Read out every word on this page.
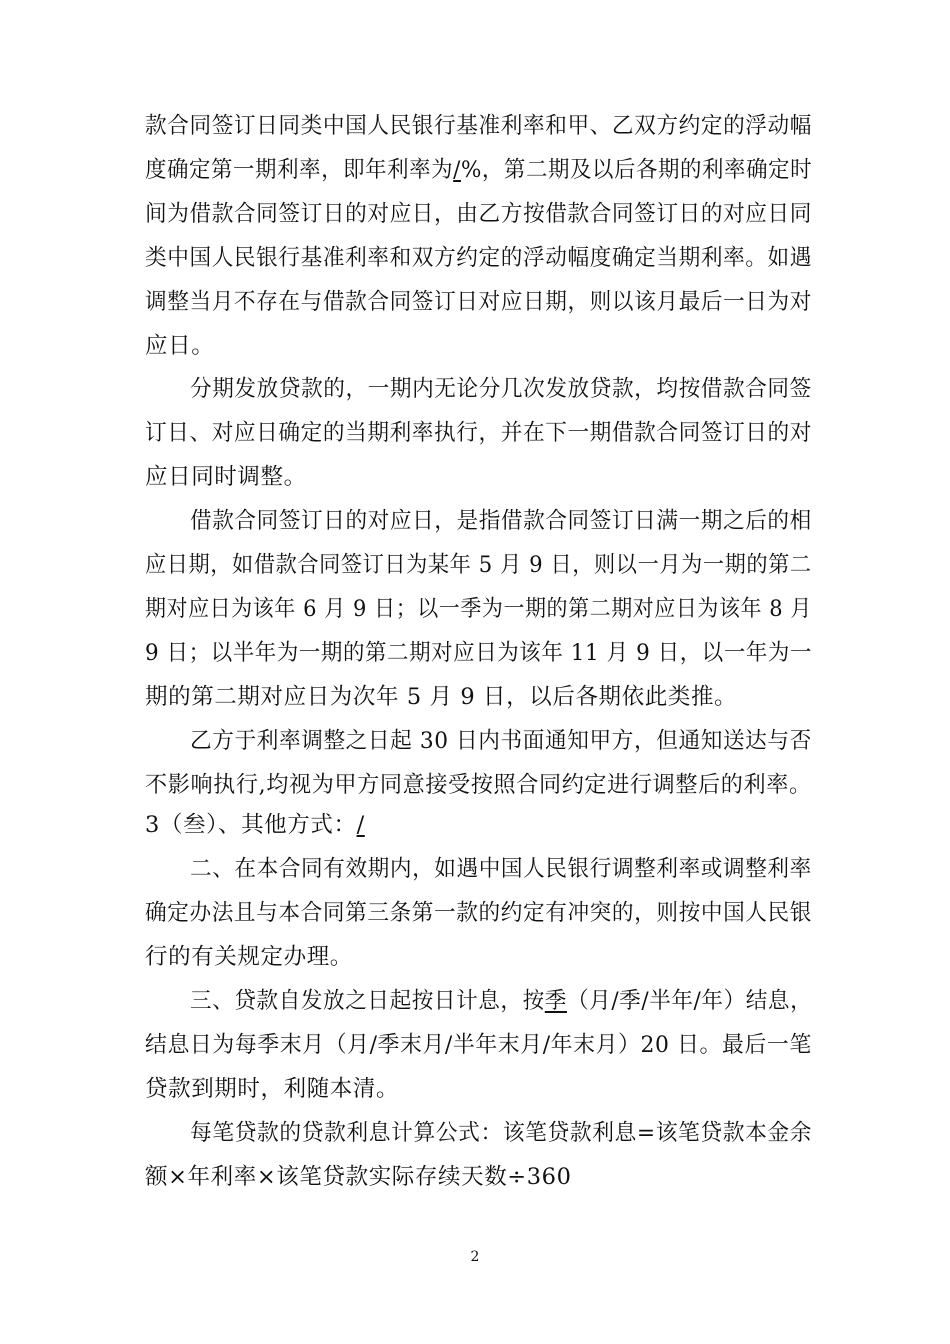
款合同签订日同类中国人民银行基准利率和甲、乙双方约定的浮动幅
度确定第一期利率，即年利率为/%，第二期及以后各期的利率确定时
间为借款合同签订日的对应日，由乙方按借款合同签订日的对应日同
类中国人民银行基准利率和双方约定的浮动幅度确定当期利率。如遇
调整当月不存在与借款合同签订日对应日期，则以该月最后一日为对
应日。
分期发放贷款的，一期内无论分几次发放贷款，均按借款合同签
订日、对应日确定的当期利率执行，并在下一期借款合同签订日的对
应日同时调整。
借款合同签订日的对应日，是指借款合同签订日满一期之后的相
应日期，如借款合同签订日为某年 5 月 9 日，则以一月为一期的第二
期对应日为该年 6 月 9 日；以一季为一期的第二期对应日为该年 8 月
9 日；以半年为一期的第二期对应日为该年 11 月 9 日，以一年为一
期的第二期对应日为次年 5 月 9 日，以后各期依此类推。
乙方于利率调整之日起 30 日内书面通知甲方，但通知送达与否
不影响执行,均视为甲方同意接受按照合同约定进行调整后的利率。
3（叁）、其他方式：/
二、在本合同有效期内，如遇中国人民银行调整利率或调整利率
确定办法且与本合同第三条第一款的约定有冲突的，则按中国人民银
行的有关规定办理。
三、贷款自发放之日起按日计息，按季（月/季/半年/年）结息，
结息日为每季末月（月/季末月/半年末月/年末月）20 日。最后一笔
贷款到期时，利随本清。
每笔贷款的贷款利息计算公式：该笔贷款利息=该笔贷款本金余
额×年利率×该笔贷款实际存续天数÷360
2
